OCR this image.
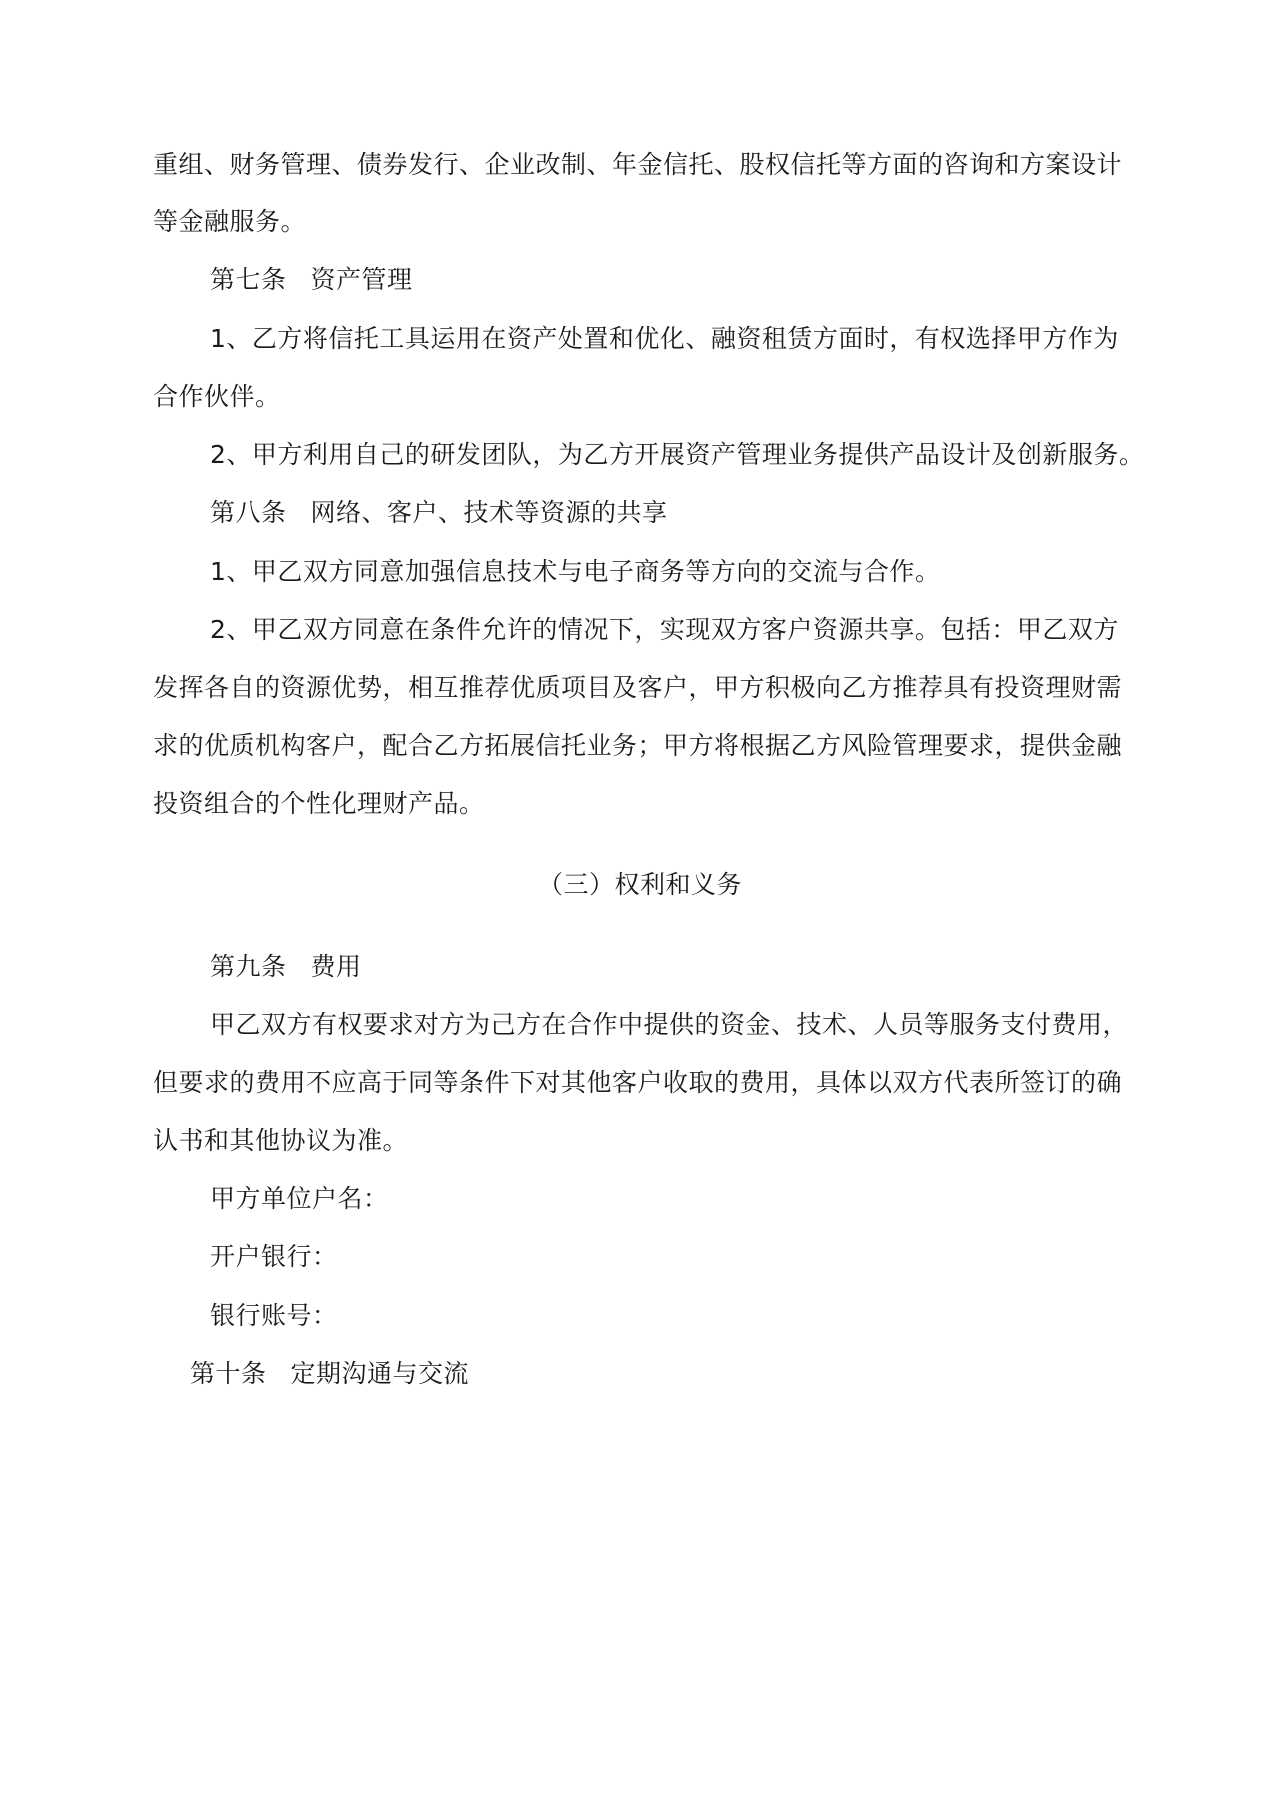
重组、财务管理、债券发行、企业改制、年金信托、股权信托等方面的咨询和方案设计
等金融服务。
第七条 资产管理
1、乙方将信托工具运用在资产处置和优化、融资租赁方面时，有权选择甲方作为
合作伙伴。
2、甲方利用自己的研发团队，为乙方开展资产管理业务提供产品设计及创新服务。
第八条 网络、客户、技术等资源的共享
1、甲乙双方同意加强信息技术与电子商务等方向的交流与合作。
2、甲乙双方同意在条件允许的情况下，实现双方客户资源共享。包括：甲乙双方
发挥各自的资源优势，相互推荐优质项目及客户，甲方积极向乙方推荐具有投资理财需
求的优质机构客户，配合乙方拓展信托业务；甲方将根据乙方风险管理要求，提供金融
投资组合的个性化理财产品。
（三）权利和义务
第九条 费用
甲乙双方有权要求对方为己方在合作中提供的资金、技术、人员等服务支付费用，
但要求的费用不应高于同等条件下对其他客户收取的费用，具体以双方代表所签订的确
认书和其他协议为准。
甲方单位户名：
开户银行：
银行账号：
第十条 定期沟通与交流
